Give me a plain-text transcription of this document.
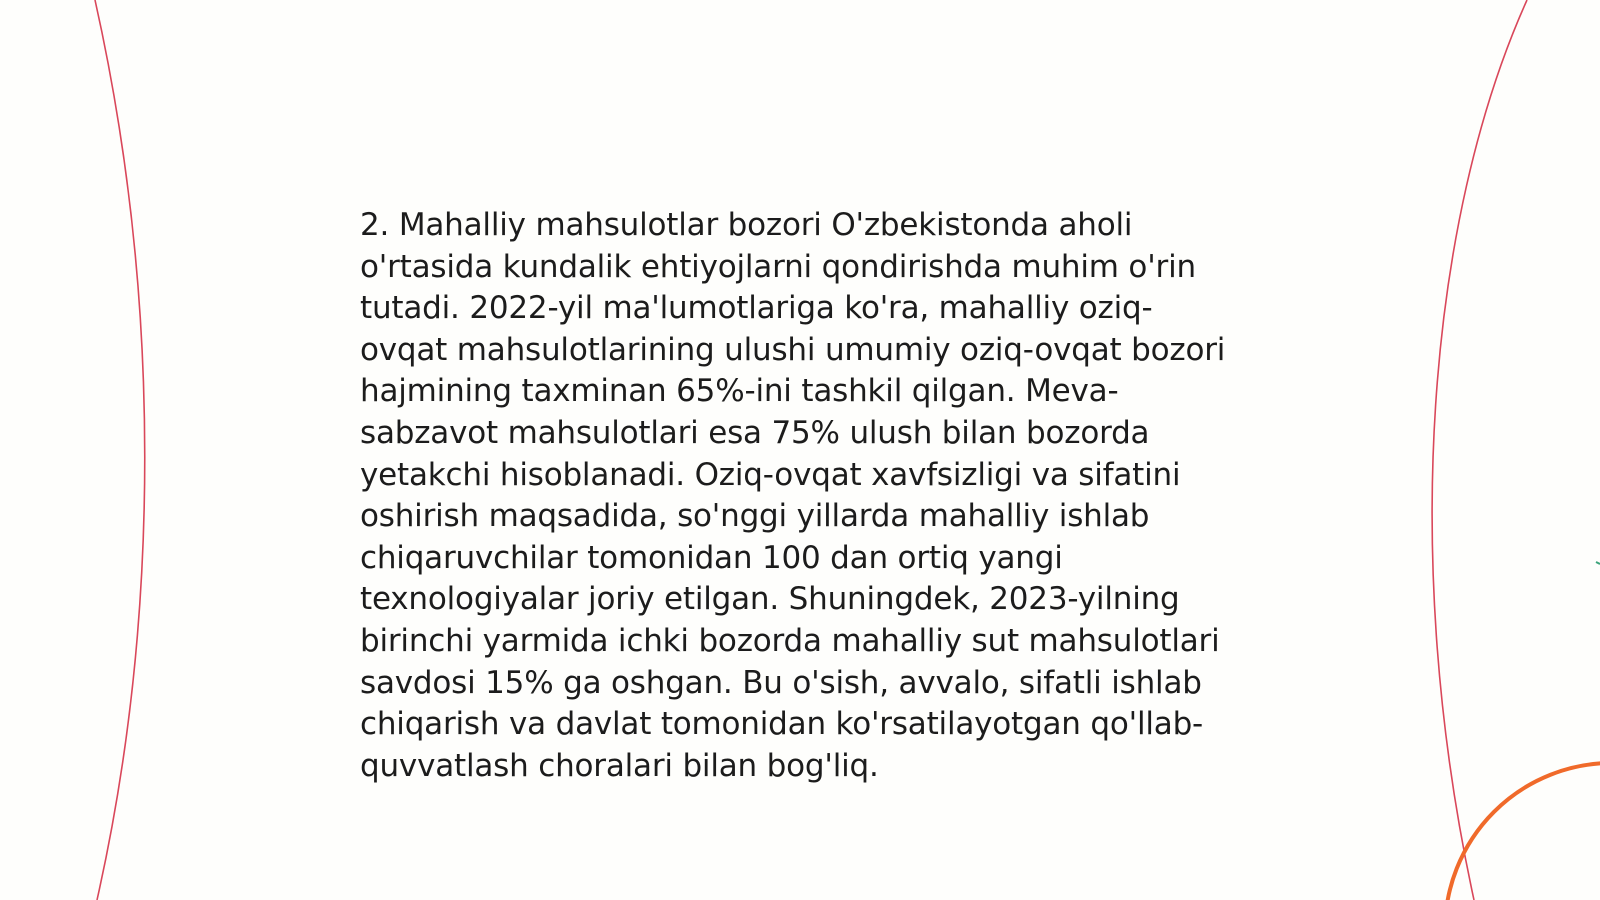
2. Mahalliy mahsulotlar bozori O'zbekistonda aholi o'rtasida kundalik ehtiyojlarni qondirishda muhim o'rin tutadi. 2022-yil ma'lumotlariga ko'ra, mahalliy oziq-ovqat mahsulotlarining ulushi umumiy oziq-ovqat bozori hajmining taxminan 65%-ini tashkil qilgan. Meva-sabzavot mahsulotlari esa 75% ulush bilan bozorda yetakchi hisoblanadi. Oziq-ovqat xavfsizligi va sifatini oshirish maqsadida, so'nggi yillarda mahalliy ishlab chiqaruvchilar tomonidan 100 dan ortiq yangi texnologiyalar joriy etilgan. Shuningdek, 2023-yilning birinchi yarmida ichki bozorda mahalliy sut mahsulotlari savdosi 15% ga oshgan. Bu o'sish, avvalo, sifatli ishlab chiqarish va davlat tomonidan ko'rsatilayotgan qo'llab-quvvatlash choralari bilan bog'liq.
